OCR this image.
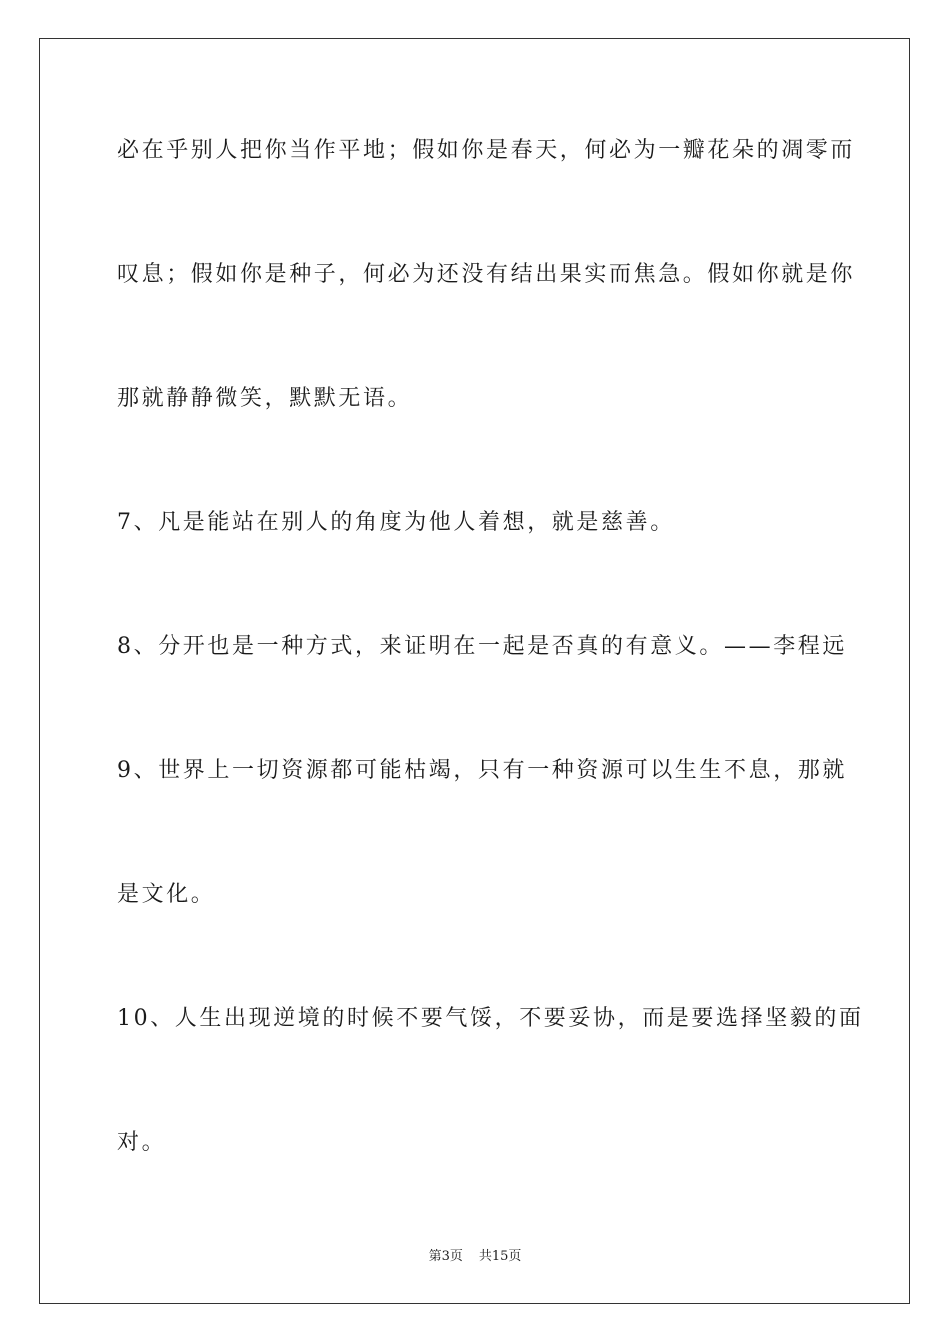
必在乎别人把你当作平地；假如你是春天，何必为一瓣花朵的凋零而
叹息；假如你是种子，何必为还没有结出果实而焦急。假如你就是你
那就静静微笑，默默无语。
7、凡是能站在别人的角度为他人着想，就是慈善。
8、分开也是一种方式，来证明在一起是否真的有意义。——李程远
9、世界上一切资源都可能枯竭，只有一种资源可以生生不息，那就
是文化。
10、人生出现逆境的时候不要气馁，不要妥协，而是要选择坚毅的面
对。
第3页 共15页
